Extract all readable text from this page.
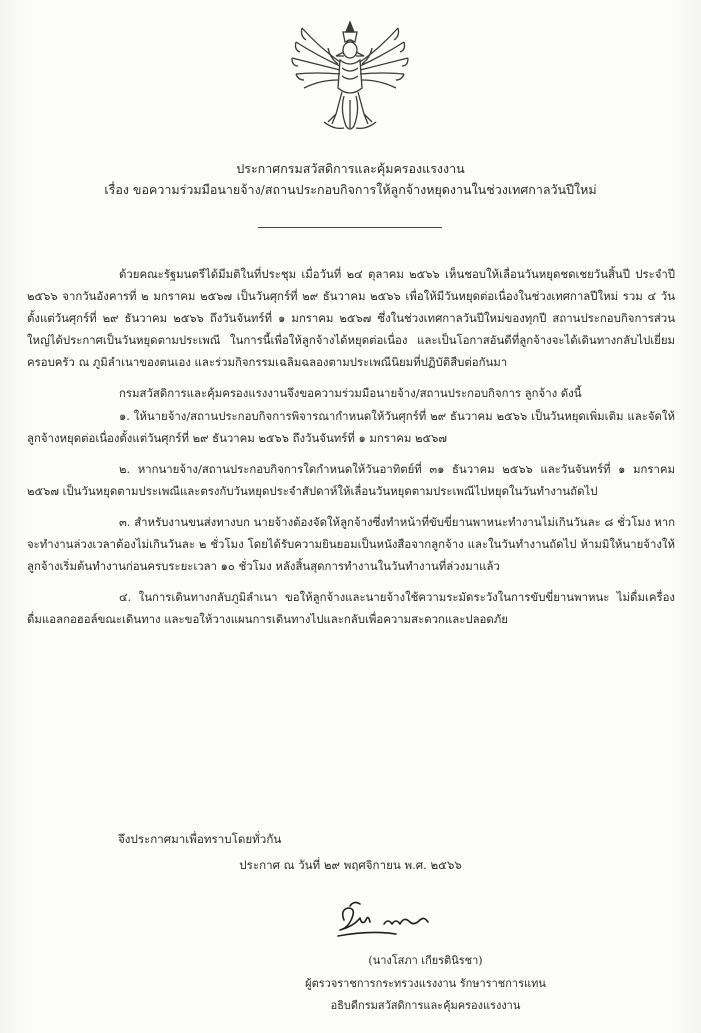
ประกาศกรมสวัสดิการและคุ้มครองแรงงาน
เรื่อง ขอความร่วมมือนายจ้าง/สถานประกอบกิจการให้ลูกจ้างหยุดงานในช่วงเทศกาลวันปีใหม่

ด้วยคณะรัฐมนตรีได้มีมติในที่ประชุม เมื่อวันที่ ๒๔ ตุลาคม ๒๕๖๖ เห็นชอบให้เลื่อนวันหยุดชดเชยวันสิ้นปี ประจำปี ๒๕๖๖ จากวันอังคารที่ ๒ มกราคม ๒๕๖๗ เป็นวันศุกร์ที่ ๒๙ ธันวาคม ๒๕๖๖ เพื่อให้มีวันหยุดต่อเนื่องในช่วงเทศกาลปีใหม่ รวม ๔ วัน ตั้งแต่วันศุกร์ที่ ๒๙ ธันวาคม ๒๕๖๖ ถึงวันจันทร์ที่ ๑ มกราคม ๒๕๖๗ ซึ่งในช่วงเทศกาลวันปีใหม่ของทุกปี สถานประกอบกิจการส่วนใหญ่ได้ประกาศเป็นวันหยุดตามประเพณี ในการนี้เพื่อให้ลูกจ้างได้หยุดต่อเนื่อง และเป็นโอกาสอันดีที่ลูกจ้างจะได้เดินทางกลับไปเยี่ยมครอบครัว ณ ภูมิลำเนาของตนเอง และร่วมกิจกรรมเฉลิมฉลองตามประเพณีนิยมที่ปฏิบัติสืบต่อกันมา

กรมสวัสดิการและคุ้มครองแรงงานจึงขอความร่วมมือนายจ้าง/สถานประกอบกิจการ ลูกจ้าง ดังนี้

๑. ให้นายจ้าง/สถานประกอบกิจการพิจารณากำหนดให้วันศุกร์ที่ ๒๙ ธันวาคม ๒๕๖๖ เป็นวันหยุดเพิ่มเติม และจัดให้ลูกจ้างหยุดต่อเนื่องตั้งแต่วันศุกร์ที่ ๒๙ ธันวาคม ๒๕๖๖ ถึงวันจันทร์ที่ ๑ มกราคม ๒๕๖๗

๒. หากนายจ้าง/สถานประกอบกิจการใดกำหนดให้วันอาทิตย์ที่ ๓๑ ธันวาคม ๒๕๖๖ และวันจันทร์ที่ ๑ มกราคม ๒๕๖๗ เป็นวันหยุดตามประเพณีและตรงกับวันหยุดประจำสัปดาห์ให้เลื่อนวันหยุดตามประเพณีไปหยุดในวันทำงานถัดไป

๓. สำหรับงานขนส่งทางบก นายจ้างต้องจัดให้ลูกจ้างซึ่งทำหน้าที่ขับขี่ยานพาหนะทำงานไม่เกินวันละ ๘ ชั่วโมง หากจะทำงานล่วงเวลาต้องไม่เกินวันละ ๒ ชั่วโมง โดยได้รับความยินยอมเป็นหนังสือจากลูกจ้าง และในวันทำงานถัดไป ห้ามมิให้นายจ้างให้ลูกจ้างเริ่มต้นทำงานก่อนครบระยะเวลา ๑๐ ชั่วโมง หลังสิ้นสุดการทำงานในวันทำงานที่ล่วงมาแล้ว

๔. ในการเดินทางกลับภูมิลำเนา ขอให้ลูกจ้างและนายจ้างใช้ความระมัดระวังในการขับขี่ยานพาหนะ ไม่ดื่มเครื่องดื่มแอลกอฮอล์ขณะเดินทาง และขอให้วางแผนการเดินทางไปและกลับเพื่อความสะดวกและปลอดภัย

จึงประกาศมาเพื่อทราบโดยทั่วกัน
ประกาศ ณ วันที่ ๒๙ พฤศจิกายน พ.ศ. ๒๕๖๖
(นางโสภา เกียรตินิรชา)
ผู้ตรวจราชการกระทรวงแรงงาน รักษาราชการแทน
อธิบดีกรมสวัสดิการและคุ้มครองแรงงาน
